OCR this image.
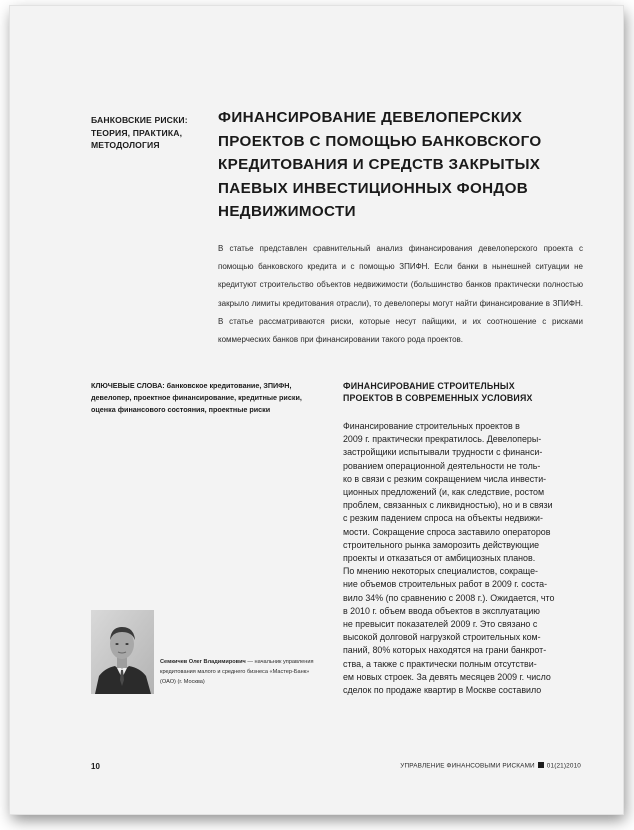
БАНКОВСКИЕ РИСКИ:
ТЕОРИЯ, ПРАКТИКА,
МЕТОДОЛОГИЯ
ФИНАНСИРОВАНИЕ ДЕВЕЛОПЕРСКИХ
ПРОЕКТОВ С ПОМОЩЬЮ БАНКОВСКОГО
КРЕДИТОВАНИЯ И СРЕДСТВ ЗАКРЫТЫХ
ПАЕВЫХ ИНВЕСТИЦИОННЫХ ФОНДОВ
НЕДВИЖИМОСТИ

В статье представлен сравнительный анализ финансирования девелоперского проекта с помощью банковского кредита и с помощью ЗПИФН. Если банки в нынешней ситуации не кредитуют строительство объектов недвижимости (большинство банков практически полностью закрыло лимиты кредитования отрасли), то девелоперы могут найти финансирование в ЗПИФН. В статье рассматриваются риски, которые несут пайщики, и их соотношение с рисками коммерческих банков при финансировании такого рода проектов.

КЛЮЧЕВЫЕ СЛОВА: банковское кредитование, ЗПИФН, девелопер, проектное финансирование, кредитные риски, оценка финансового состояния, проектные риски

ФИНАНСИРОВАНИЕ СТРОИТЕЛЬНЫХ
ПРОЕКТОВ В СОВРЕМЕННЫХ УСЛОВИЯХ
Финансирование строительных проектов в
2009 г. практически прекратилось. Девелоперы-
застройщики испытывали трудности с финанси-
рованием операционной деятельности не толь-
ко в связи с резким сокращением числа инвести-
ционных предложений (и, как следствие, ростом
проблем, связанных с ликвидностью), но и в связи
с резким падением спроса на объекты недвижи-
мости. Сокращение спроса заставило операторов
строительного рынка заморозить действующие
проекты и отказаться от амбициозных планов.

По мнению некоторых специалистов, сокраще-
ние объемов строительных работ в 2009 г. соста-
вило 34% (по сравнению с 2008 г.). Ожидается, что
в 2010 г. объем ввода объектов в эксплуатацию
не превысит показателей 2009 г. Это связано с
высокой долговой нагрузкой строительных ком-
паний, 80% которых находятся на грани банкрот-
ства, а также с практически полным отсутстви-
ем новых строек. За девять месяцев 2009 г. число
сделок по продаже квартир в Москве составило

Семкичев Олег Владимирович — начальник управления кредитования малого и среднего бизнеса «Мастер-Банк» (ОАО) (г. Москва)

10	УПРАВЛЕНИЕ ФИНАНСОВЫМИ РИСКАМИ 01(21)2010
